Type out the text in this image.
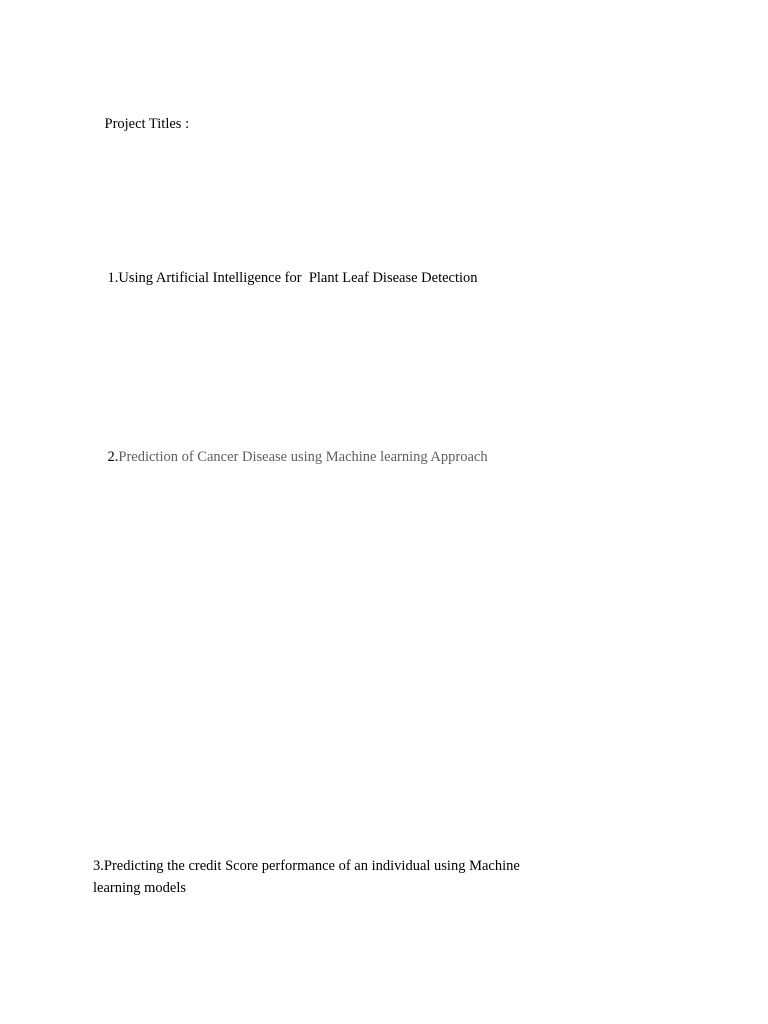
Project Titles :

1.Using Artificial Intelligence for  Plant Leaf Disease Detection

2.Prediction of Cancer Disease using Machine learning Approach

3.Predicting the credit Score performance of an individual using Machine learning models
